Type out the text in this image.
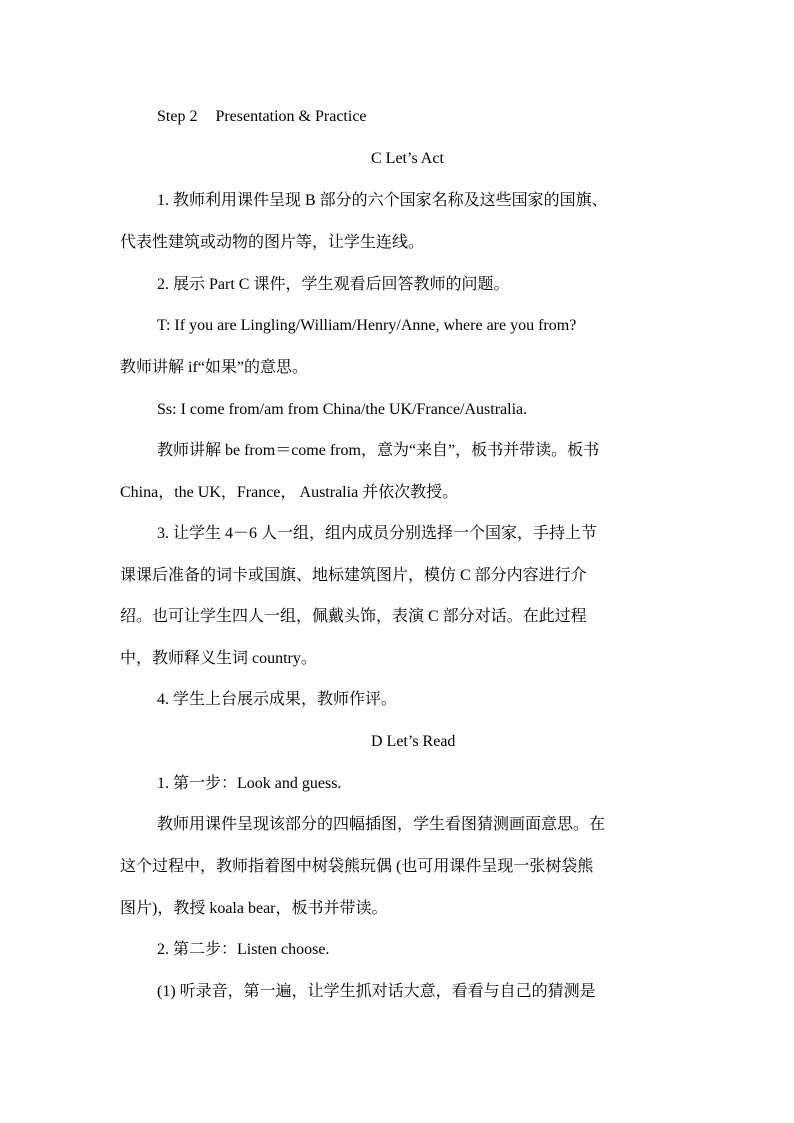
Step 2 Presentation & Practice
C Let’s Act
1. 教师利用课件呈现 B 部分的六个国家名称及这些国家的国旗、
代表性建筑或动物的图片等，让学生连线。
2. 展示 Part C 课件，学生观看后回答教师的问题。
T: If you are Lingling/William/Henry/Anne, where are you from?
教师讲解 if“如果”的意思。
Ss: I come from/am from China/the UK/France/Australia.
教师讲解 be from＝come from，意为“来自”，板书并带读。板书
China，the UK，France， Australia 并依次教授。
3. 让学生 4－6 人一组，组内成员分别选择一个国家，手持上节
课课后准备的词卡或国旗、地标建筑图片，模仿 C 部分内容进行介
绍。也可让学生四人一组，佩戴头饰，表演 C 部分对话。在此过程
中，教师释义生词 country。
4. 学生上台展示成果，教师作评。
D Let’s Read
1. 第一步：Look and guess.
教师用课件呈现该部分的四幅插图，学生看图猜测画面意思。在
这个过程中，教师指着图中树袋熊玩偶 (也可用课件呈现一张树袋熊
图片)，教授 koala bear，板书并带读。
2. 第二步：Listen choose.
(1) 听录音，第一遍，让学生抓对话大意，看看与自己的猜测是
